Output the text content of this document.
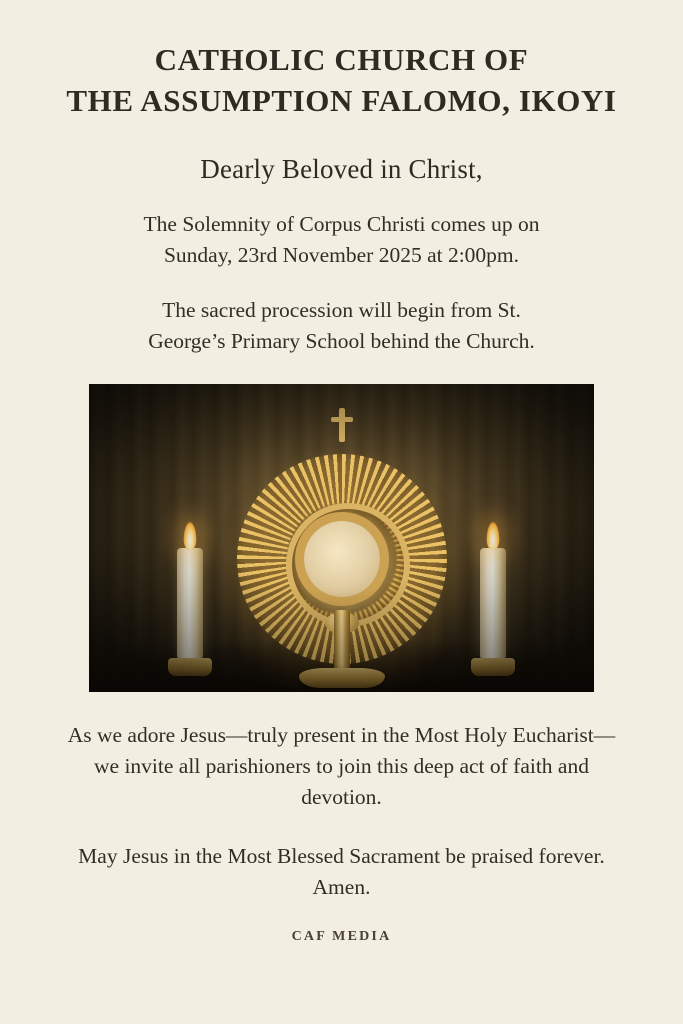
CATHOLIC CHURCH OF
THE ASSUMPTION FALOMO, IKOYI
Dearly Beloved in Christ,
The Solemnity of Corpus Christi comes up on
Sunday, 23rd November 2025 at 2:00pm.
The sacred procession will begin from St.
George’s Primary School behind the Church.
As we adore Jesus—truly present in the Most Holy Eucharist—we invite all parishioners to join this deep act of faith and devotion.
May Jesus in the Most Blessed Sacrament be praised forever. Amen.
CAF MEDIA
